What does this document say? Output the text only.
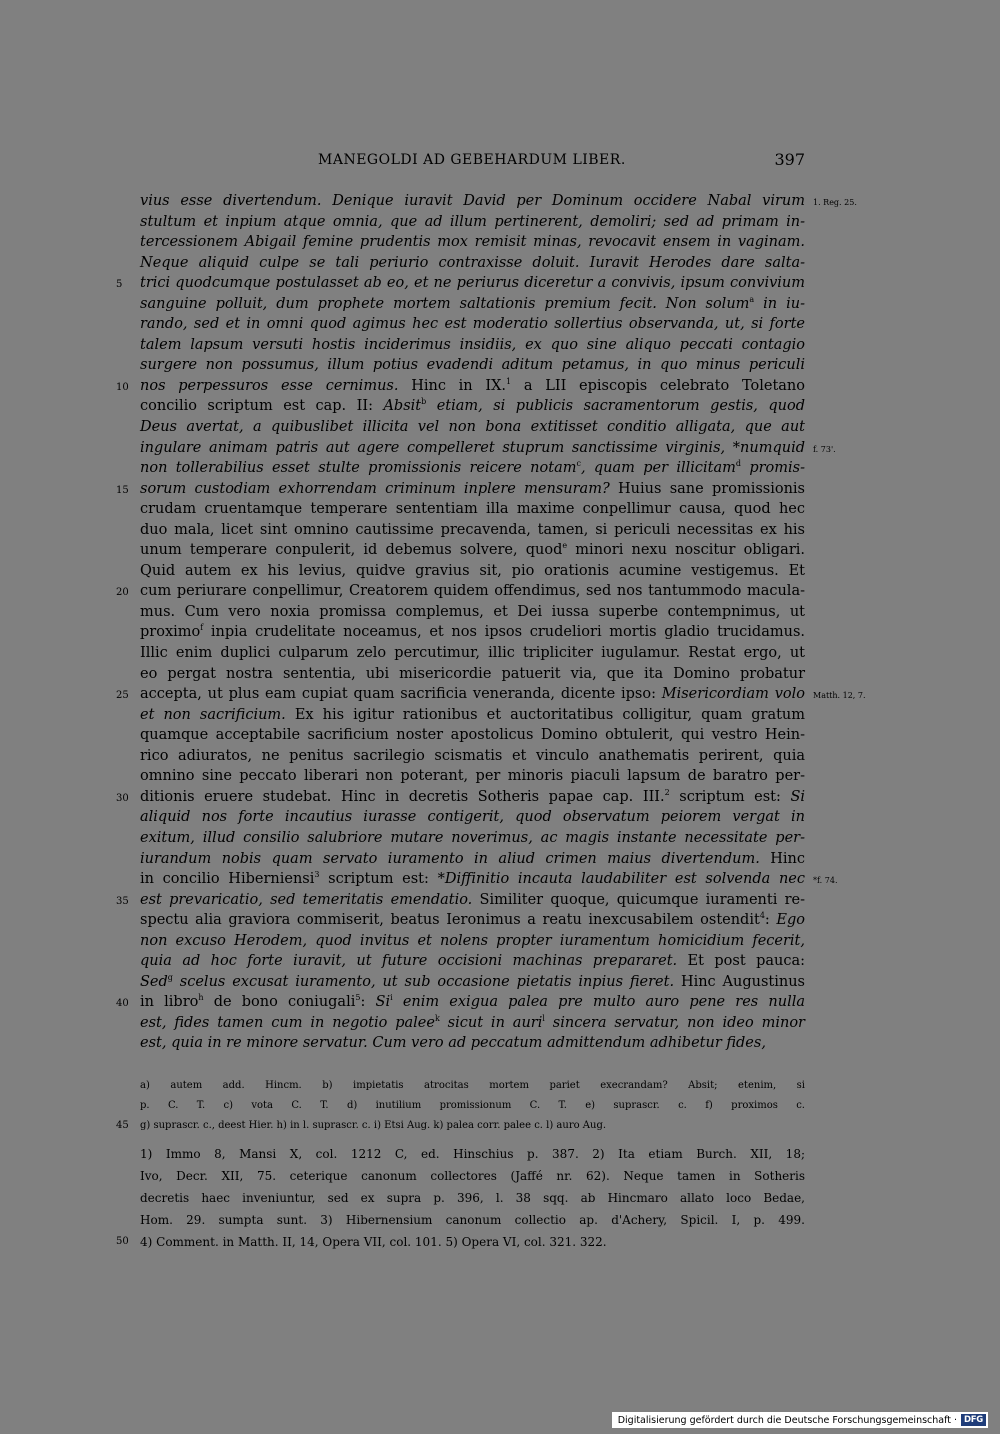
MANEGOLDI AD GEBEHARDUM LIBER.	397
vius esse divertendum. Denique iuravit David per Dominum occidere Nabal virum 1. Reg. 25.
stultum et inpium atque omnia, que ad illum pertinerent, demoliri; sed ad primam in-
tercessionem Abigail femine prudentis mox remisit minas, revocavit ensem in vaginam.
Neque aliquid culpe se tali periurio contraxisse doluit. Iuravit Herodes dare salta-
5	trici quodcumque postulasset ab eo, et ne periurus diceretur a convivis, ipsum convivium
sanguine polluit, dum prophete mortem saltationis premium fecit. Non solum$^a$ in iu-
rando, sed et in omni quod agimus hec est moderatio sollertius observanda, ut, si forte
talem lapsum versuti hostis inciderimus insidiis, ex quo sine aliquo peccati contagio
surgere non possumus, illum potius evadendi aditum petamus, in quo minus periculi
10 nos perpessuros esse cernimus. Hinc in IX.$^1$ a LII episcopis celebrato Toletano
concilio scriptum est cap. II: Absit$^b$ etiam, si publicis sacramentorum gestis, quod
Deus avertat, a quibuslibet illicita vel non bona extitisset conditio alligata, que aut
ingulare animam patris aut agere compelleret stuprum sanctissime virginis, *numquid f. 73'.
non tollerabilius esset stulte promissionis reicere notam$^c$, quam per illicitam$^d$ promis-
15 sorum custodiam exhorrendam criminum inplere mensuram? Huius sane promissionis
crudam cruentamque temperare sententiam illa maxime conpellimur causa, quod hec
duo mala, licet sint omnino cautissime precavenda, tamen, si periculi necessitas ex his
unum temperare conpulerit, id debemus solvere, quod$^e$ minori nexu noscitur obligari.
Quid autem ex his levius, quidve gravius sit, pio orationis acumine vestigemus. Et
20 cum periurare conpellimur, Creatorem quidem offendimus, sed nos tantummodo macula-
mus. Cum vero noxia promissa complemus, et Dei iussa superbe contempnimus, ut
proximo$^f$ inpia crudelitate noceamus, et nos ipsos crudeliori mortis gladio trucidamus.
Illic enim duplici culparum zelo percutimur, illic tripliciter iugulamur. Restat ergo, ut
eo pergat nostra sententia, ubi misericordie patuerit via, que ita Domino probatur
25 accepta, ut plus eam cupiat quam sacrificia veneranda, dicente ipso: Misericordiam volo Matth. 12, 7.
et non sacrificium. Ex his igitur rationibus et auctoritatibus colligitur, quam gratum
quamque acceptabile sacrificium noster apostolicus Domino obtulerit, qui vestro Hein-
rico adiuratos, ne penitus sacrilegio scismatis et vinculo anathematis perirent, quia
omnino sine peccato liberari non poterant, per minoris piaculi lapsum de baratro per-
30 ditionis eruere studebat. Hinc in decretis Sotheris papae cap. III.$^2$ scriptum est: Si
aliquid nos forte incautius iurasse contigerit, quod observatum peiorem vergat in
exitum, illud consilio salubriore mutare noverimus, ac magis instante necessitate per-
iurandum nobis quam servato iuramento in aliud crimen maius divertendum. Hinc
in concilio Hiberniensi$^3$ scriptum est: *Diffinitio incauta laudabiliter est solvenda nec *f. 74.
35 est prevaricatio, sed temeritatis emendatio. Similiter quoque, quicumque iuramenti re-
spectu alia graviora commiserit, beatus Ieronimus a reatu inexcusabilem ostendit$^4$: Ego
non excuso Herodem, quod invitus et nolens propter iuramentum homicidium fecerit,
quia ad hoc forte iuravit, ut future occisioni machinas prepararet. Et post pauca:
Sed$^g$ scelus excusat iuramento, ut sub occasione pietatis inpius fieret. Hinc Augustinus
40 in libro$^h$ de bono coniugali$^5$: Si$^i$ enim exigua palea pre multo auro pene res nulla
est, fides tamen cum in negotio palee$^k$ sicut in auri$^l$ sincera servatur, non ideo minor
est, quia in re minore servatur. Cum vero ad peccatum admittendum adhibetur fides,
a) autem add. Hincm. b) impietatis atrocitas mortem pariet execrandam? Absit; etenim, si
p. C. T. c) vota C. T. d) inutilium promissionum C. T. e) suprascr. c. f) proximos c.
45	g) suprascr. c., deest Hier. h) in l. suprascr. c. i) Etsi Aug. k) palea corr. palee c. l) auro Aug.
1) Immo 8, Mansi X, col. 1212 C, ed. Hinschius p. 387. 2) Ita etiam Burch. XII, 18;
Ivo, Decr. XII, 75. ceterique canonum collectores (Jaffé nr. 62). Neque tamen in Sotheris
decretis haec inveniuntur, sed ex supra p. 396, l. 38 sqq. ab Hincmaro allato loco Bedae,
Hom. 29. sumpta sunt. 3) Hibernensium canonum collectio ap. d'Achery, Spicil. I, p. 499.
50 4) Comment. in Matth. II, 14, Opera VII, col. 101. 5) Opera VI, col. 321. 322.
Digitalisierung gefördert durch die Deutsche Forschungsgemeinschaft · DFG
